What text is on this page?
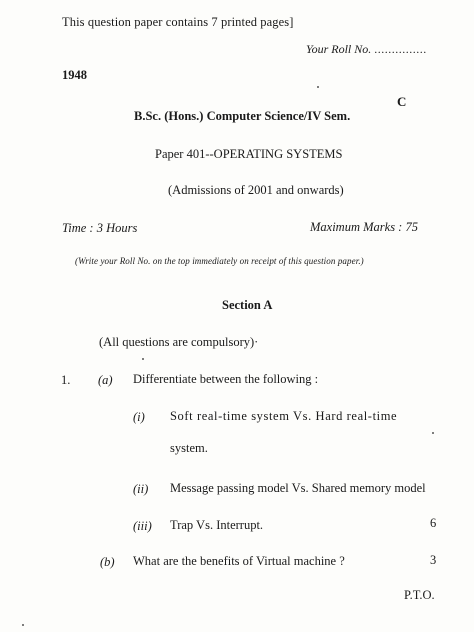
This question paper contains 7 printed pages]
Your Roll No. ...............
1948
C
B.Sc. (Hons.) Computer Science/IV Sem.
Paper 401--OPERATING SYSTEMS
(Admissions of 2001 and onwards)
Time : 3 Hours	Maximum Marks : 75
(Write your Roll No. on the top immediately on receipt of this question paper.)
Section A
(All questions are compulsory)·
1. (a) Differentiate between the following :
(i) Soft real-time system Vs. Hard real-time
system.
(ii) Message passing model Vs. Shared memory model
(iii) Trap Vs. Interrupt.	6
(b) What are the benefits of Virtual machine ?	3
P.T.O.
